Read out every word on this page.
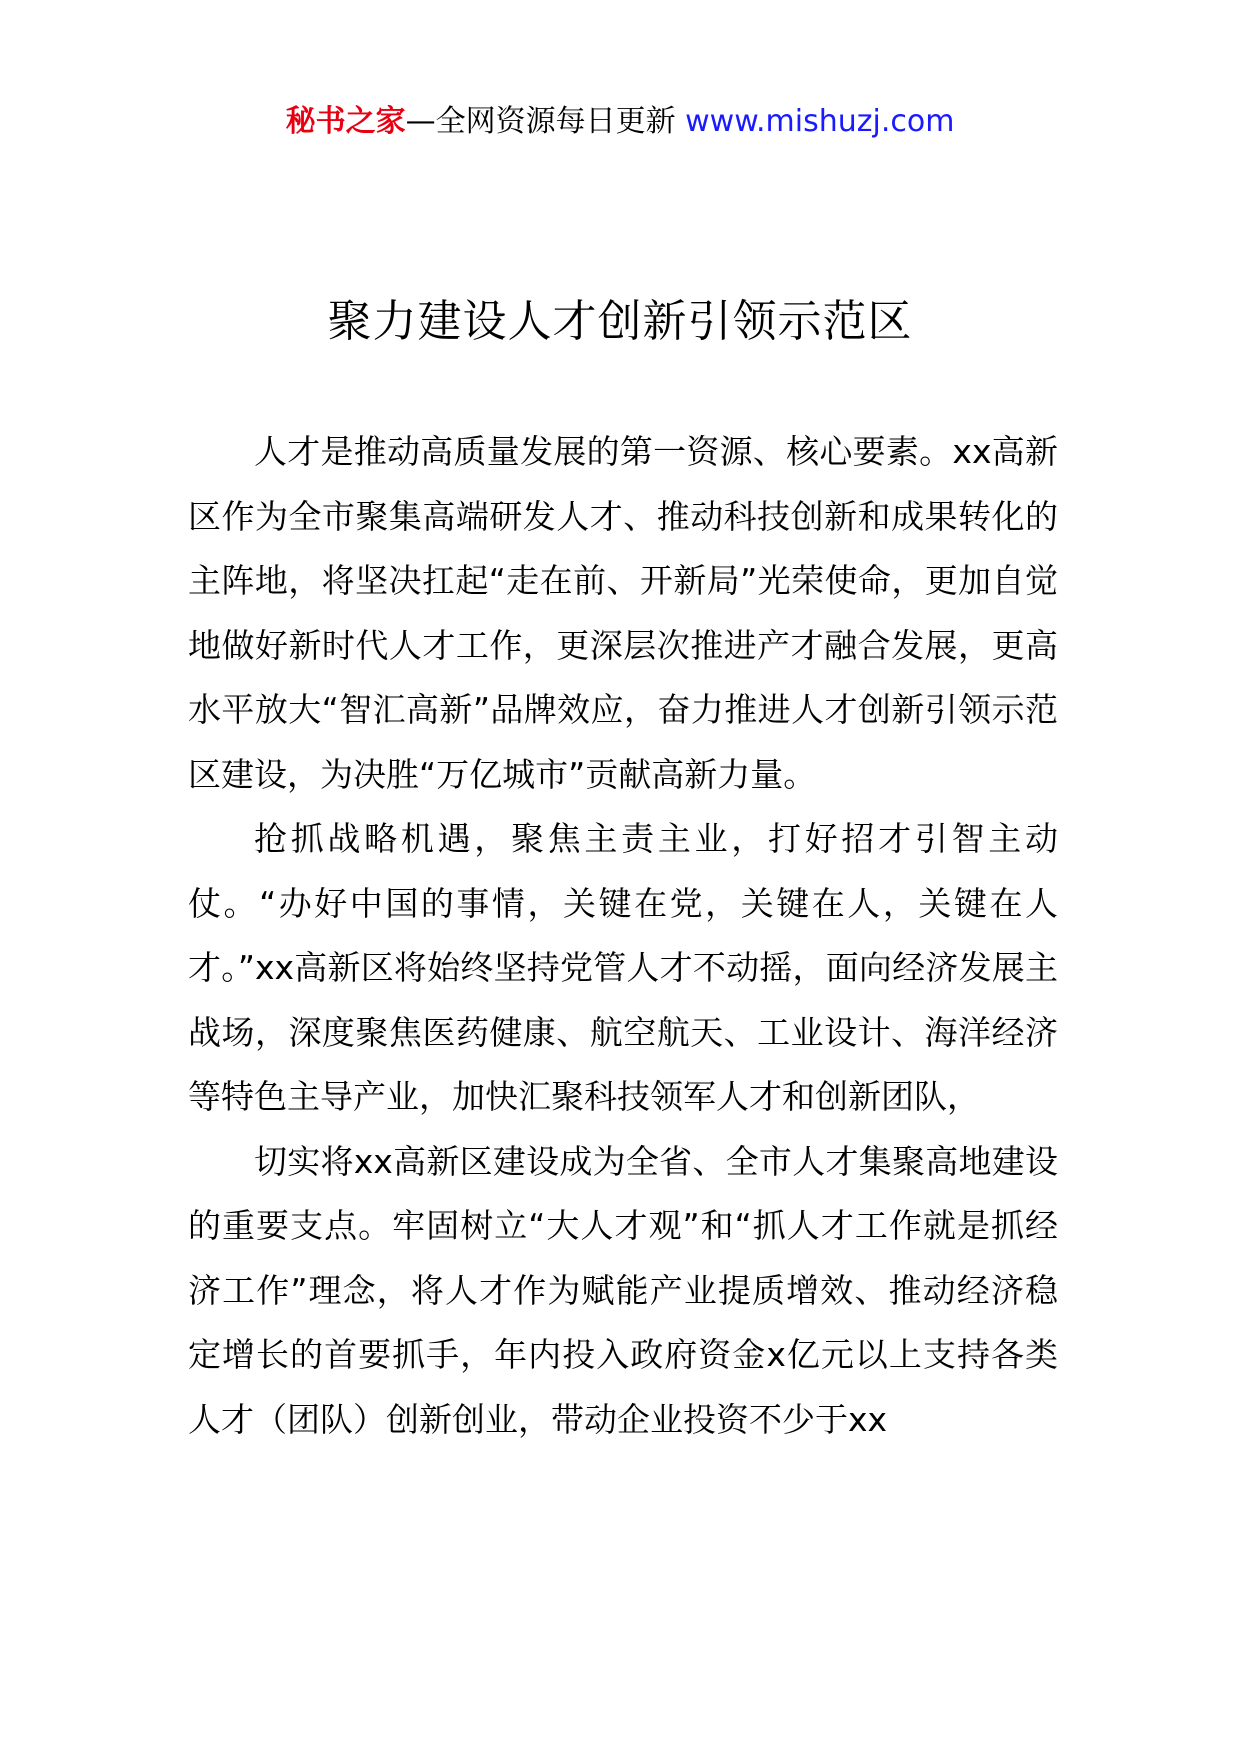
秘书之家—全网资源每日更新 www.mishuzj.com
聚力建设人才创新引领示范区

人才是推动高质量发展的第一资源、核心要素。xx高新区作为全市聚集高端研发人才、推动科技创新和成果转化的主阵地，将坚决扛起“走在前、开新局”光荣使命，更加自觉地做好新时代人才工作，更深层次推进产才融合发展，更高水平放大“智汇高新”品牌效应，奋力推进人才创新引领示范区建设，为决胜“万亿城市”贡献高新力量。

抢抓战略机遇，聚焦主责主业，打好招才引智主动仗。“办好中国的事情，关键在党，关键在人，关键在人才。”xx高新区将始终坚持党管人才不动摇，面向经济发展主战场，深度聚焦医药健康、航空航天、工业设计、海洋经济等特色主导产业，加快汇聚科技领军人才和创新团队，

切实将xx高新区建设成为全省、全市人才集聚高地建设的重要支点。牢固树立“大人才观”和“抓人才工作就是抓经济工作”理念，将人才作为赋能产业提质增效、推动经济稳定增长的首要抓手，年内投入政府资金x亿元以上支持各类人才（团队）创新创业，带动企业投资不少于xx
